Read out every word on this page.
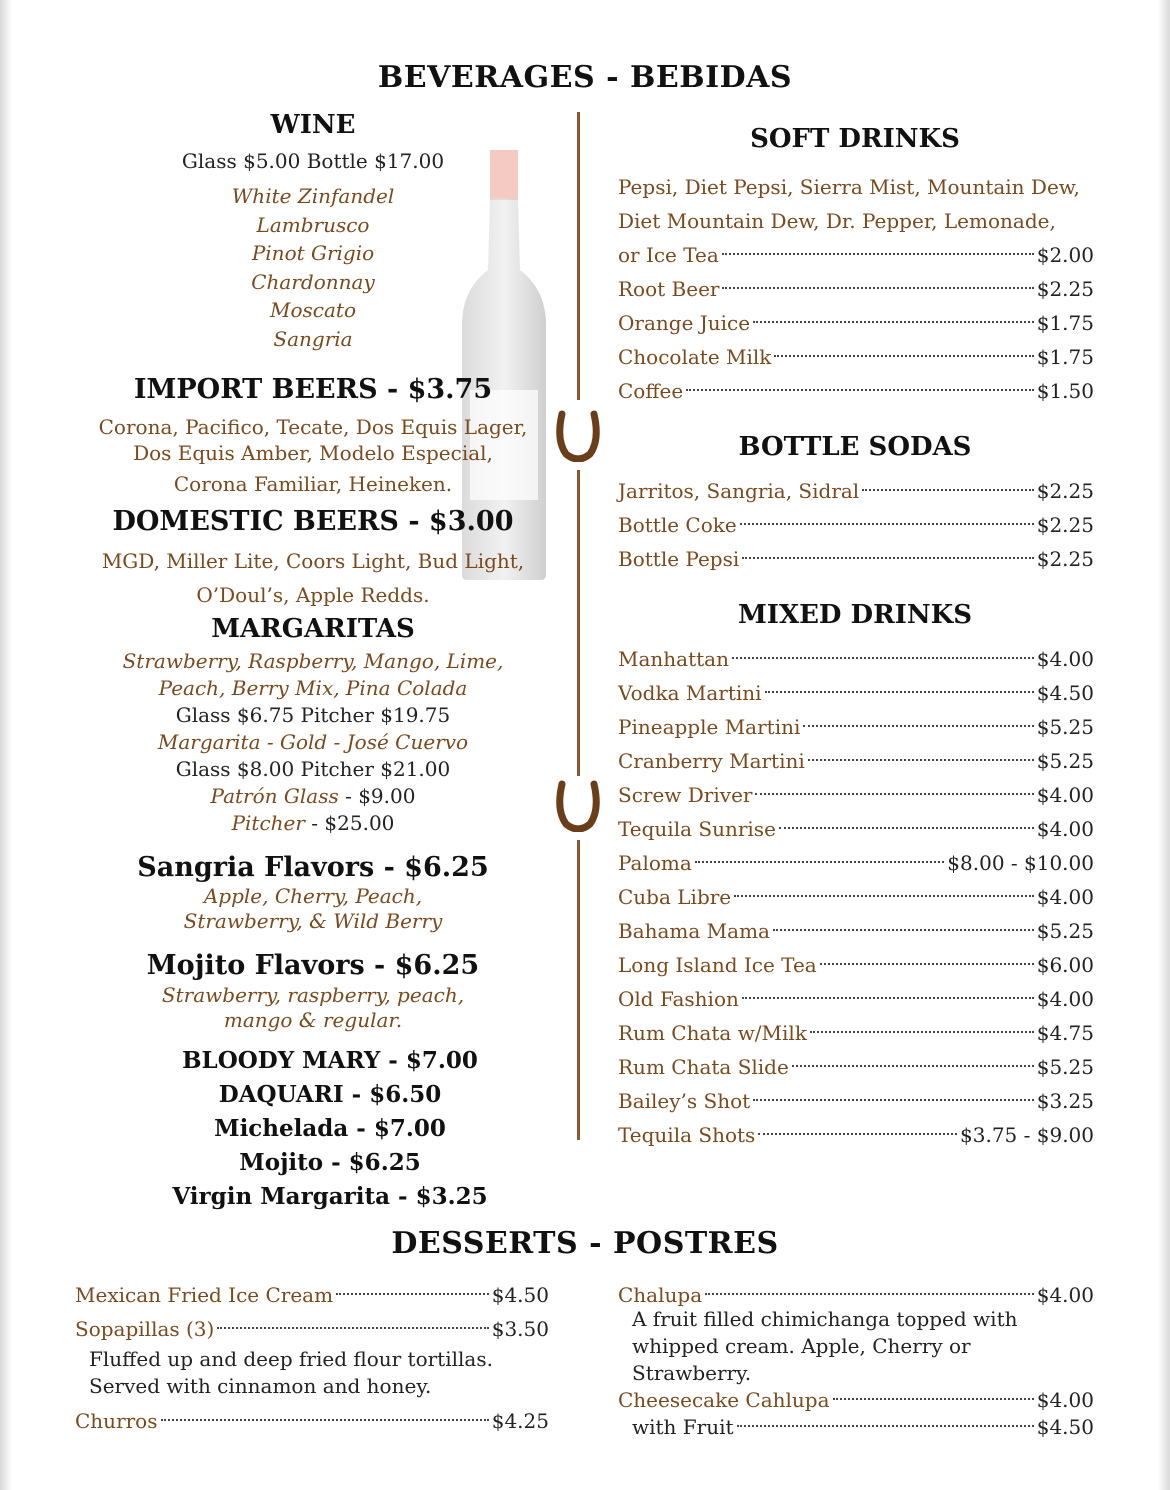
BEVERAGES - BEBIDAS
WINE
Glass $5.00 Bottle $17.00
White Zinfandel
Lambrusco
Pinot Grigio
Chardonnay
Moscato
Sangria
IMPORT BEERS - $3.75
Corona, Pacifico, Tecate, Dos Equis Lager,
Dos Equis Amber, Modelo Especial,
Corona Familiar, Heineken.
DOMESTIC BEERS - $3.00
MGD, Miller Lite, Coors Light, Bud Light,
O’Doul’s, Apple Redds.
MARGARITAS
Strawberry, Raspberry, Mango, Lime,
Peach, Berry Mix, Pina Colada
Glass $6.75 Pitcher $19.75
Margarita - Gold - José Cuervo
Glass $8.00 Pitcher $21.00
Patrón Glass - $9.00
Pitcher - $25.00
Sangria Flavors - $6.25
Apple, Cherry, Peach,
Strawberry, & Wild Berry
Mojito Flavors - $6.25
Strawberry, raspberry, peach,
mango & regular.
BLOODY MARY - $7.00
DAQUARI - $6.50
Michelada - $7.00
Mojito - $6.25
Virgin Margarita - $3.25
SOFT DRINKS
Pepsi, Diet Pepsi, Sierra Mist, Mountain Dew,
Diet Mountain Dew, Dr. Pepper, Lemonade,
or Ice Tea	$2.00
Root Beer	$2.25
Orange Juice	$1.75
Chocolate Milk	$1.75
Coffee	$1.50
BOTTLE SODAS
Jarritos, Sangria, Sidral	$2.25
Bottle Coke	$2.25
Bottle Pepsi	$2.25
MIXED DRINKS
Manhattan	$4.00
Vodka Martini	$4.50
Pineapple Martini	$5.25
Cranberry Martini	$5.25
Screw Driver	$4.00
Tequila Sunrise	$4.00
Paloma	$8.00 - $10.00
Cuba Libre	$4.00
Bahama Mama	$5.25
Long Island Ice Tea	$6.00
Old Fashion	$4.00
Rum Chata w/Milk	$4.75
Rum Chata Slide	$5.25
Bailey’s Shot	$3.25
Tequila Shots	$3.75 - $9.00
DESSERTS - POSTRES
Mexican Fried Ice Cream	$4.50
Sopapillas (3)	$3.50
Fluffed up and deep fried flour tortillas.
Served with cinnamon and honey.
Churros	$4.25
Chalupa	$4.00
A fruit filled chimichanga topped with
whipped cream. Apple, Cherry or Strawberry.
Cheesecake Cahlupa	$4.00
with Fruit	$4.50
